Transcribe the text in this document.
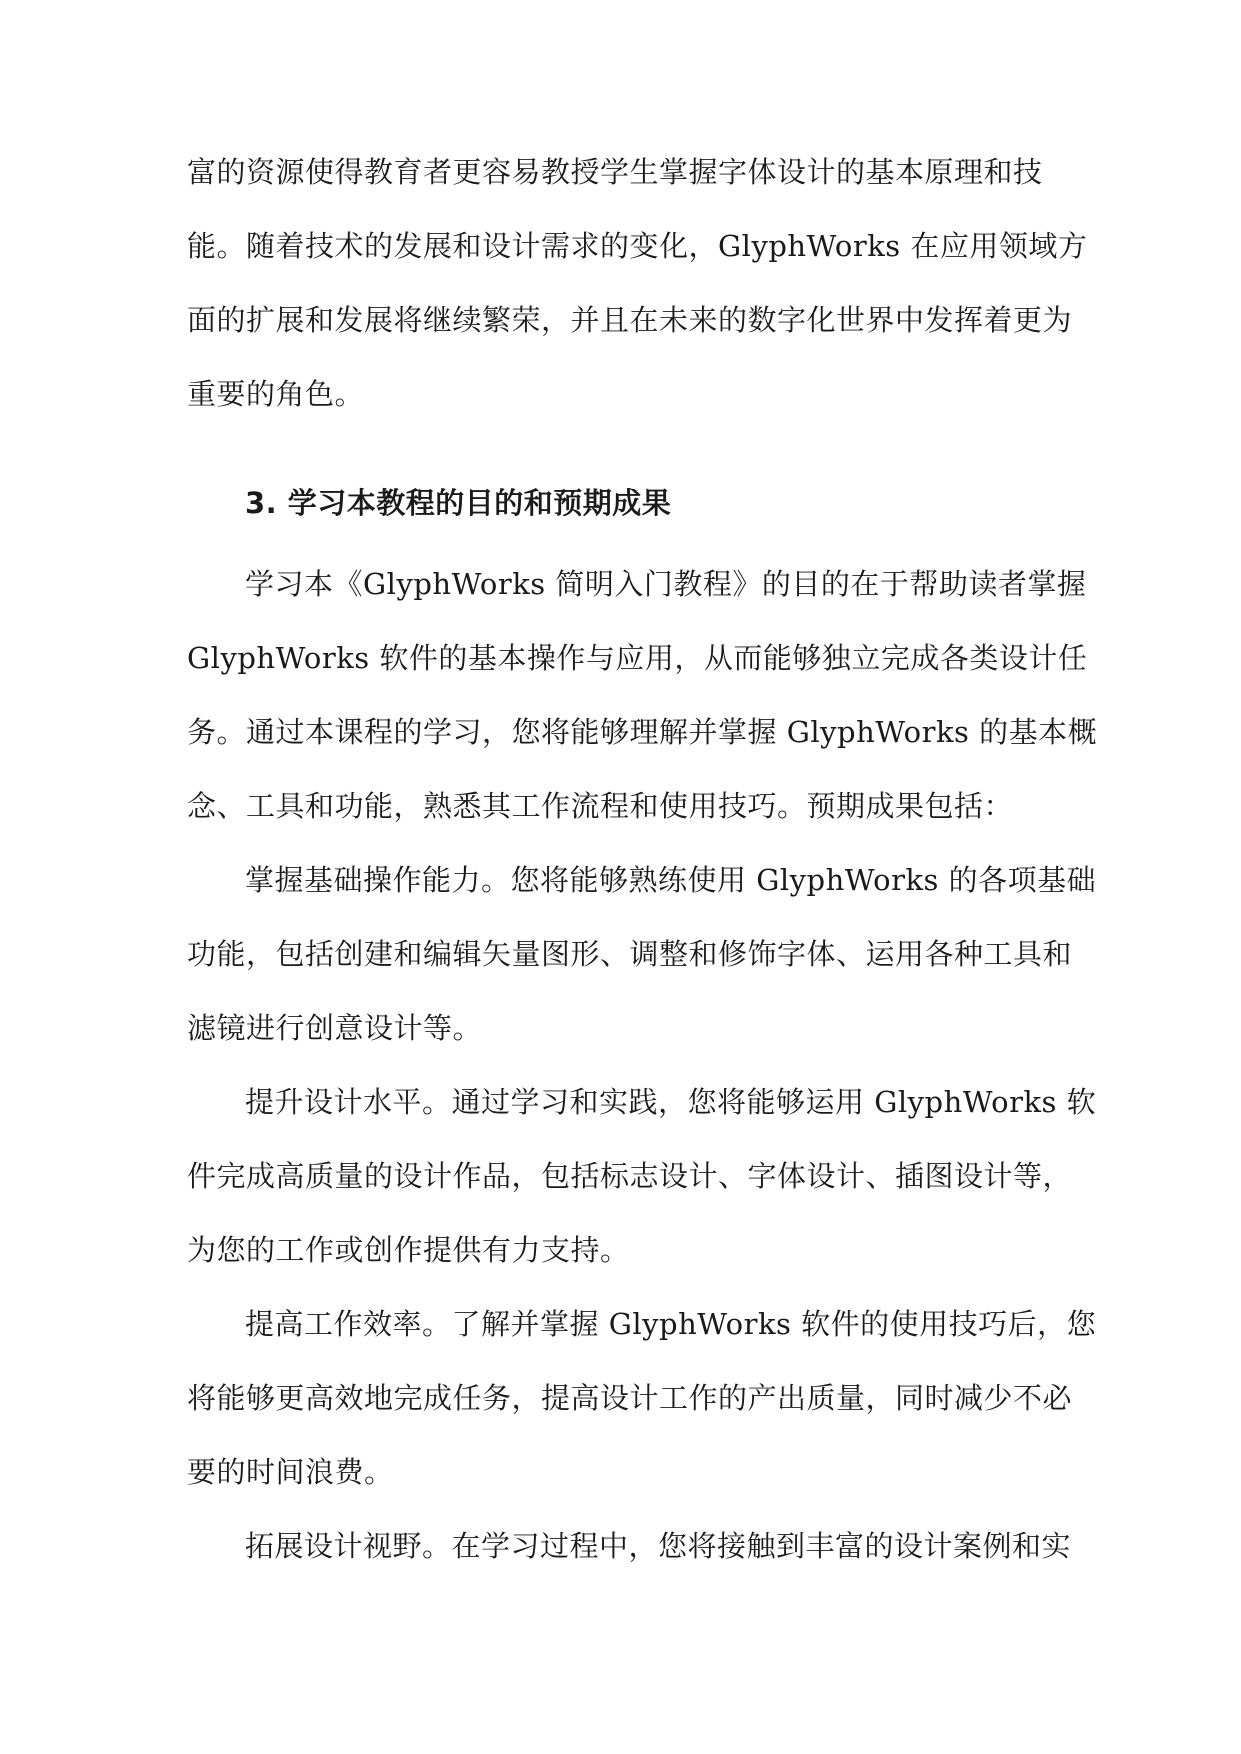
富的资源使得教育者更容易教授学生掌握字体设计的基本原理和技

能。随着技术的发展和设计需求的变化，GlyphWorks 在应用领域方

面的扩展和发展将继续繁荣，并且在未来的数字化世界中发挥着更为

重要的角色。

3. 学习本教程的目的和预期成果

学习本《GlyphWorks 简明入门教程》的目的在于帮助读者掌握

GlyphWorks 软件的基本操作与应用，从而能够独立完成各类设计任

务。通过本课程的学习，您将能够理解并掌握 GlyphWorks 的基本概

念、工具和功能，熟悉其工作流程和使用技巧。预期成果包括：

掌握基础操作能力。您将能够熟练使用 GlyphWorks 的各项基础

功能，包括创建和编辑矢量图形、调整和修饰字体、运用各种工具和

滤镜进行创意设计等。

提升设计水平。通过学习和实践，您将能够运用 GlyphWorks 软

件完成高质量的设计作品，包括标志设计、字体设计、插图设计等，

为您的工作或创作提供有力支持。

提高工作效率。了解并掌握 GlyphWorks 软件的使用技巧后，您

将能够更高效地完成任务，提高设计工作的产出质量，同时减少不必

要的时间浪费。

拓展设计视野。在学习过程中，您将接触到丰富的设计案例和实
